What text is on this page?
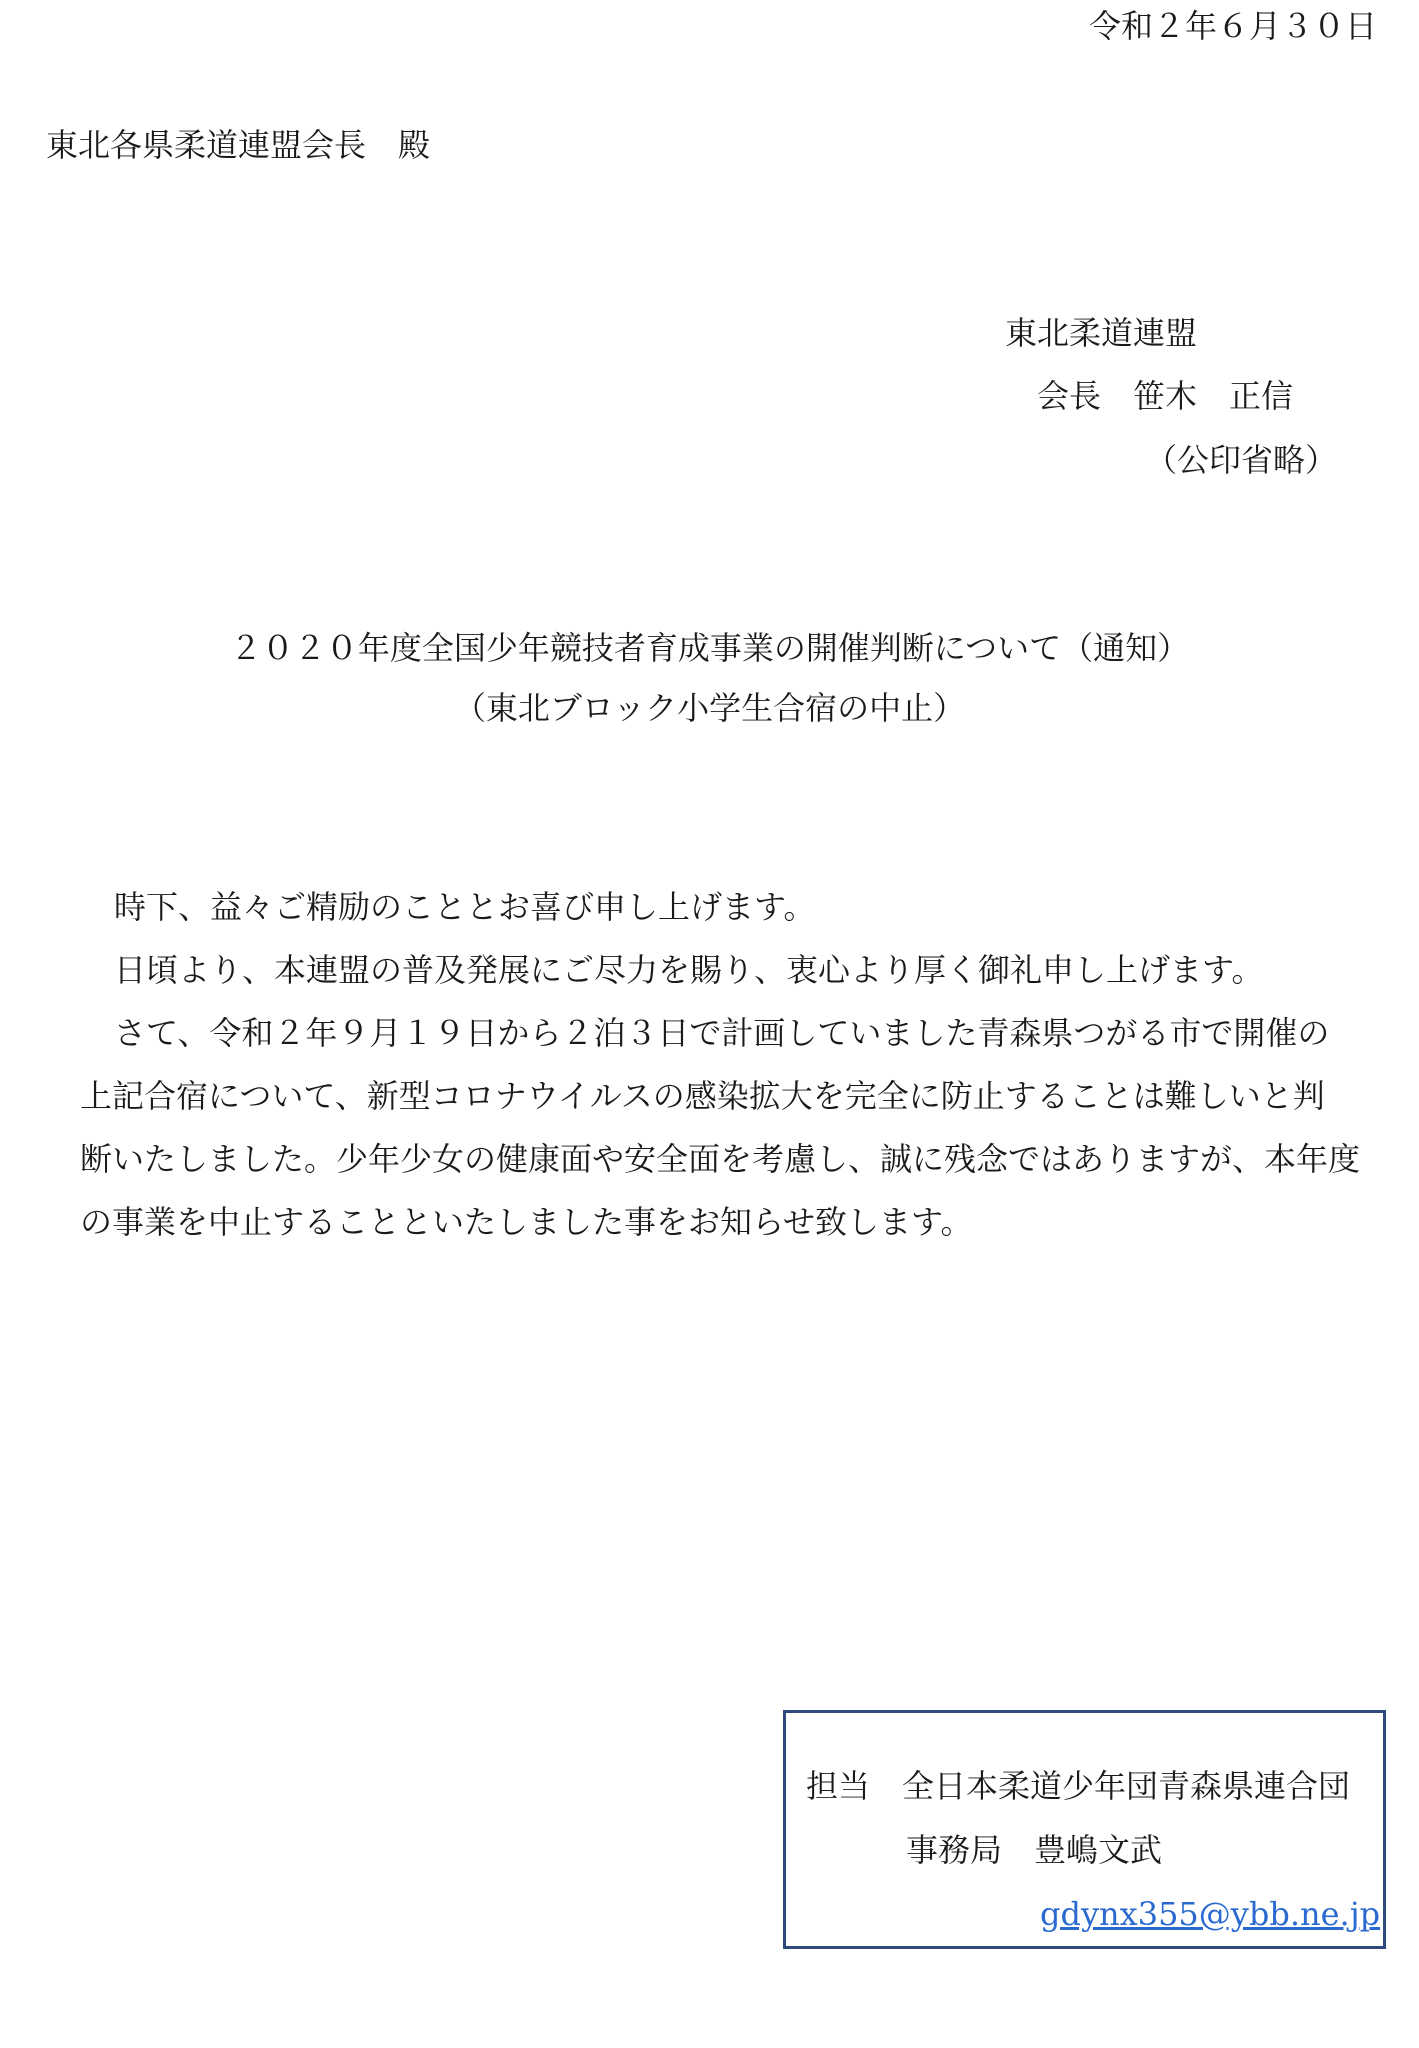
令和２年６月３０日
東北各県柔道連盟会長　殿
東北柔道連盟
会長　笹木　正信
（公印省略）
２０２０年度全国少年競技者育成事業の開催判断について（通知）
（東北ブロック小学生合宿の中止）

時下、益々ご精励のこととお喜び申し上げます。

日頃より、本連盟の普及発展にご尽力を賜り、衷心より厚く御礼申し上げます。

さて、令和２年９月１９日から２泊３日で計画していました青森県つがる市で開催の

上記合宿について、新型コロナウイルスの感染拡大を完全に防止することは難しいと判

断いたしました。少年少女の健康面や安全面を考慮し、誠に残念ではありますが、本年度

の事業を中止することといたしました事をお知らせ致します。

担当　全日本柔道少年団青森県連合団
事務局　豊嶋文武
gdynx355@ybb.ne.jp
